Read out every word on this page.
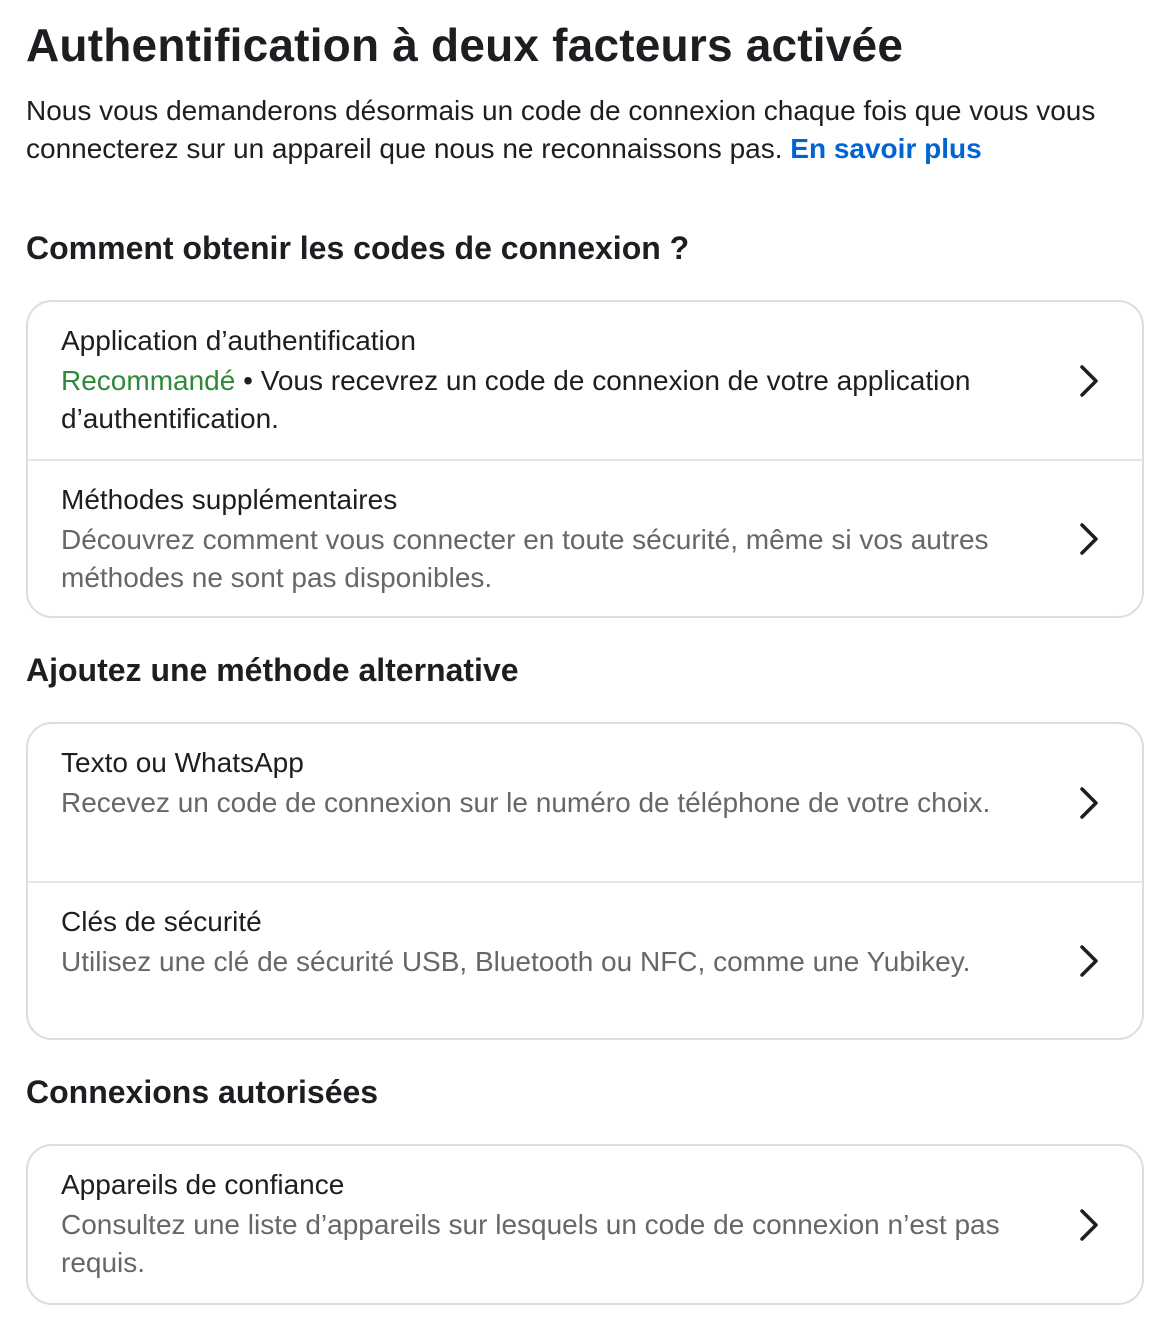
Authentification à deux facteurs activée

Nous vous demanderons désormais un code de connexion chaque fois que vous vous connecterez sur un appareil que nous ne reconnaissons pas. En savoir plus

Comment obtenir les codes de connexion ?
Application d’authentification
Recommandé • Vous recevrez un code de connexion de votre application d’authentification.
Méthodes supplémentaires
Découvrez comment vous connecter en toute sécurité, même si vos autres méthodes ne sont pas disponibles.
Ajoutez une méthode alternative
Texto ou WhatsApp
Recevez un code de connexion sur le numéro de téléphone de votre choix.
Clés de sécurité
Utilisez une clé de sécurité USB, Bluetooth ou NFC, comme une Yubikey.
Connexions autorisées
Appareils de confiance
Consultez une liste d’appareils sur lesquels un code de connexion n’est pas requis.
